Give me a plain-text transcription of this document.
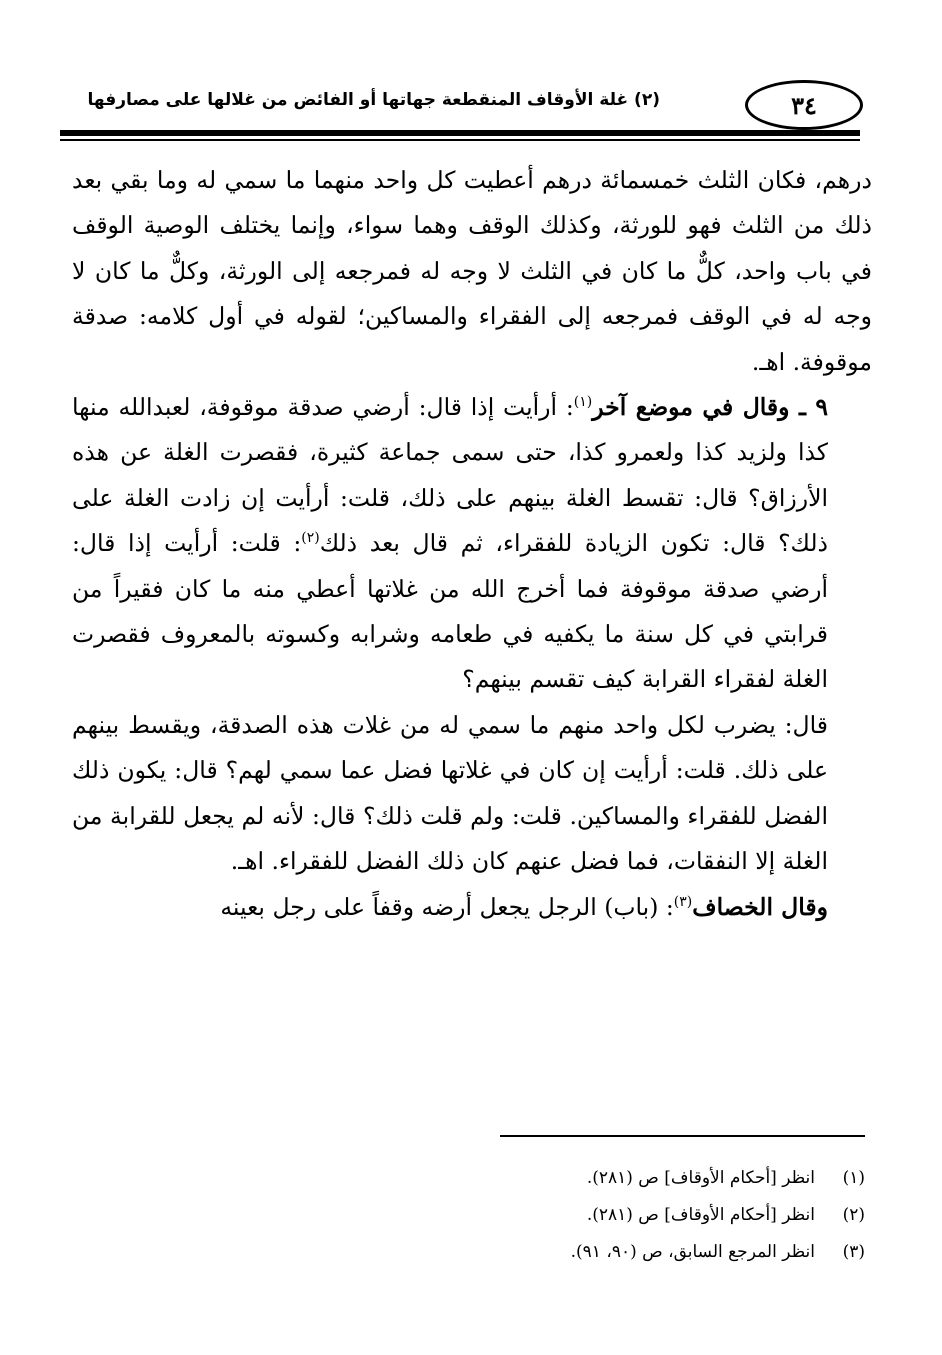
٣٤
(٢) غلة الأوقاف المنقطعة جهاتها أو الفائض من غلالها على مصارفها

درهم، فكان الثلث خمسمائة درهم أعطيت كل واحد منهما ما سمي له وما بقي بعد ذلك من الثلث فهو للورثة، وكذلك الوقف وهما سواء، وإنما يختلف الوصية الوقف في باب واحد، كلٌّ ما كان في الثلث لا وجه له فمرجعه إلى الورثة، وكلٌّ ما كان لا وجه له في الوقف فمرجعه إلى الفقراء والمساكين؛ لقوله في أول كلامه: صدقة موقوفة. اهـ.

٩ ـ وقال في موضع آخر$^{(١)}$: أرأيت إذا قال: أرضي صدقة موقوفة، لعبدالله منها كذا ولزيد كذا ولعمرو كذا، حتى سمى جماعة كثيرة، فقصرت الغلة عن هذه الأرزاق؟ قال: تقسط الغلة بينهم على ذلك، قلت: أرأيت إن زادت الغلة على ذلك؟ قال: تكون الزيادة للفقراء، ثم قال بعد ذلك$^{(٢)}$: قلت: أرأيت إذا قال: أرضي صدقة موقوفة فما أخرج الله من غلاتها أعطي منه ما كان فقيراً من قرابتي في كل سنة ما يكفيه في طعامه وشرابه وكسوته بالمعروف فقصرت الغلة لفقراء القرابة كيف تقسم بينهم؟

قال: يضرب لكل واحد منهم ما سمي له من غلات هذه الصدقة، ويقسط بينهم على ذلك. قلت: أرأيت إن كان في غلاتها فضل عما سمي لهم؟ قال: يكون ذلك الفضل للفقراء والمساكين. قلت: ولم قلت ذلك؟ قال: لأنه لم يجعل للقرابة من الغلة إلا النفقات، فما فضل عنهم كان ذلك الفضل للفقراء. اهـ.

وقال الخصاف$^{(٣)}$: (باب) الرجل يجعل أرضه وقفاً على رجل بعينه

(١)
انظر [أحكام الأوقاف] ص (٢٨١).
(٢)
انظر [أحكام الأوقاف] ص (٢٨١).
(٣)
انظر المرجع السابق، ص (٩٠، ٩١).
